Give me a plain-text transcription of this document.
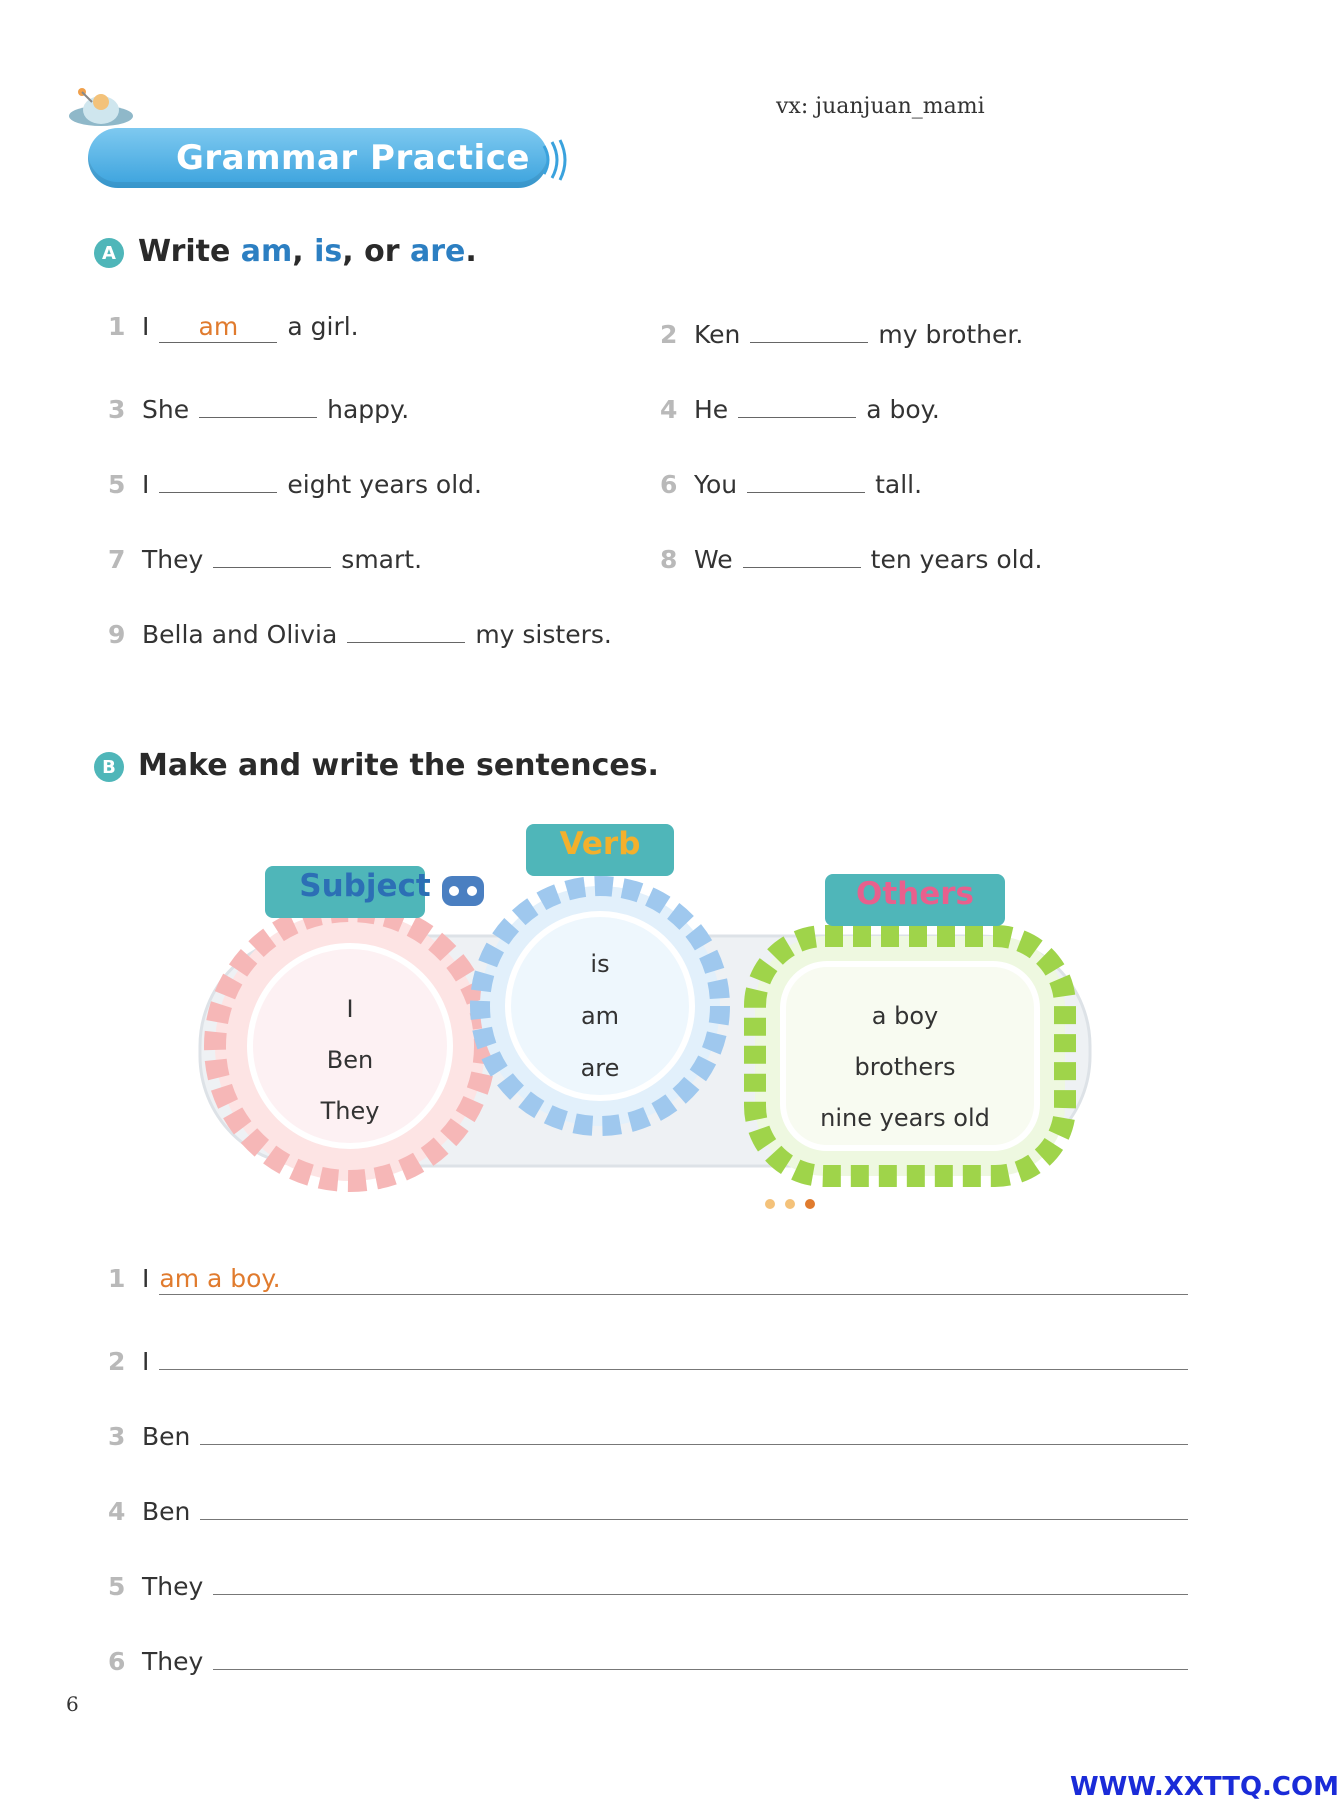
Grammar Practice
vx: juanjuan_mami
A Write am, is, or are.
1 I	am	a girl.	2 Ken	my brother.
3 She	happy.	4 He	a boy.
5 I	eight years old.	6 You	tall.
7 They	smart.	8 We	ten years old.
9 Bella and Olivia	my sisters.
B Make and write the sentences.
Subject
Verb
Others
I
Ben
They
is
am
are
a boy
brothers
nine years old
1 I am a boy.
2 I
3 Ben
4 Ben
5 They
6 They
6
WWW.XXTTQ.COM
